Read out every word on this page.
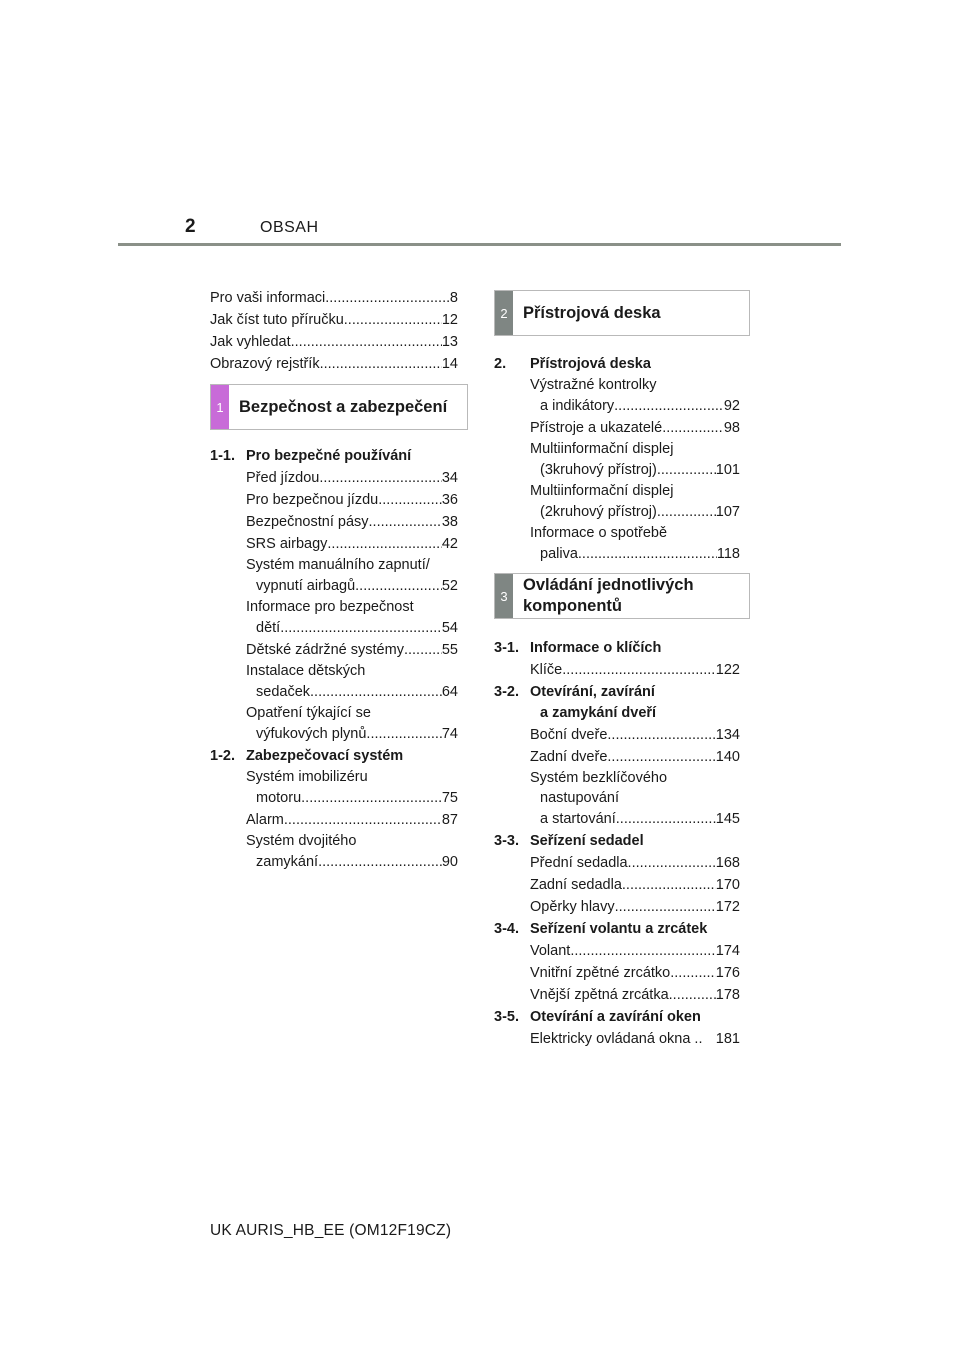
2	OBSAH
Pro vaši informaci .....	8
Jak číst tuto příručku .....	12
Jak vyhledat .....	13
Obrazový rejstřík .....	14
1 Bezpečnost a zabezpečení
1-1. Pro bezpečné používání
Před jízdou .....	34
Pro bezpečnou jízdu .....	36
Bezpečnostní pásy .....	38
SRS airbagy .....	42
Systém manuálního zapnutí/
vypnutí airbagů .....	52
Informace pro bezpečnost
dětí .....	54
Dětské zádržné systémy .....	55
Instalace dětských
sedaček .....	64
Opatření týkající se
výfukových plynů .....	74
1-2. Zabezpečovací systém
Systém imobilizéru
motoru .....	75
Alarm .....	87
Systém dvojitého
zamykání .....	90
2 Přístrojová deska
2.	Přístrojová deska
Výstražné kontrolky
a indikátory .....	92
Přístroje a ukazatelé .....	98
Multiinformační displej
(3kruhový přístroj) .....	101
Multiinformační displej
(2kruhový přístroj) .....	107
Informace o spotřebě
paliva .....	118
3
Ovládání jednotlivých
komponentů
3-1. Informace o klíčích
Klíče .....	122
3-2. Otevírání, zavírání
a zamykání dveří
Boční dveře .....	134
Zadní dveře .....	140
Systém bezklíčového
nastupování
a startování .....	145
3-3. Seřízení sedadel
Přední sedadla .....	168
Zadní sedadla .....	170
Opěrky hlavy .....	172
3-4. Seřízení volantu a zrcátek
Volant .....	174
Vnitřní zpětné zrcátko .....	176
Vnější zpětná zrcátka .....	178
3-5. Otevírání a zavírání oken
Elektricky ovládaná okna .. 181
UK AURIS_HB_EE (OM12F19CZ)
